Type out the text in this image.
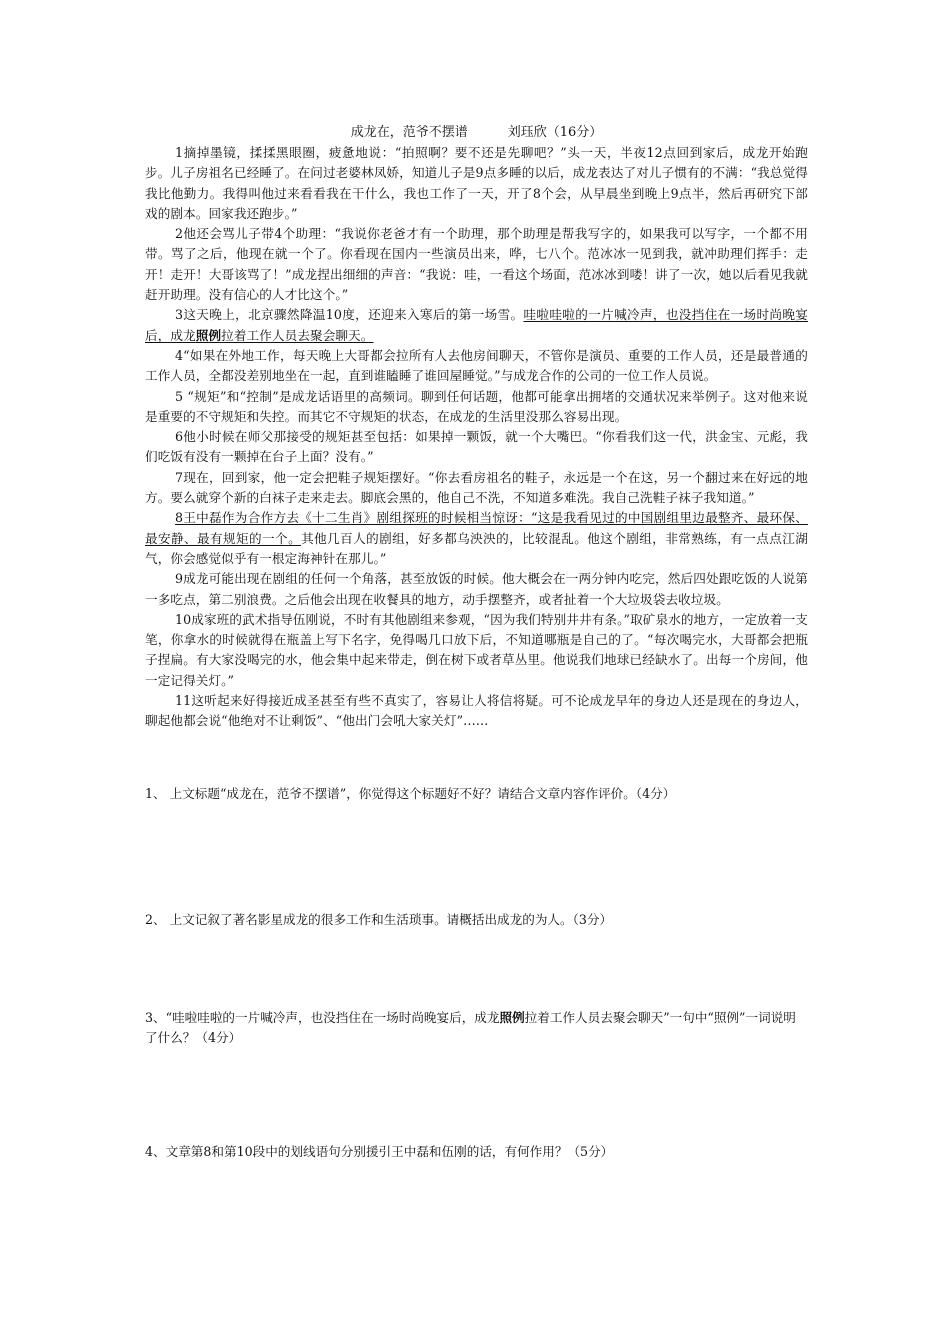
成龙在，范爷不摆谱	刘珏欣（16分）

1摘掉墨镜，揉揉黑眼圈，疲惫地说：“拍照啊？要不还是先聊吧？”头一天，半夜12点回到家后，成龙开始跑步。儿子房祖名已经睡了。在问过老婆林凤娇，知道儿子是9点多睡的以后，成龙表达了对儿子惯有的不满：“我总觉得我比他勤力。我得叫他过来看看我在干什么，我也工作了一天，开了8个会，从早晨坐到晚上9点半，然后再研究下部戏的剧本。回家我还跑步。”

2他还会骂儿子带4个助理：“我说你老爸才有一个助理，那个助理是帮我写字的，如果我可以写字，一个都不用带。骂了之后，他现在就一个了。你看现在国内一些演员出来，哗，七八个。范冰冰一见到我，就冲助理们挥手：走开！走开！大哥该骂了！”成龙捏出细细的声音：“我说：哇，一看这个场面，范冰冰到喽！讲了一次，她以后看见我就赶开助理。没有信心的人才比这个。”

3这天晚上，北京骤然降温10度，还迎来入寒后的第一场雪。哇啦哇啦的一片喊冷声，也没挡住在一场时尚晚宴后，成龙照例拉着工作人员去聚会聊天。

4“如果在外地工作，每天晚上大哥都会拉所有人去他房间聊天，不管你是演员、重要的工作人员，还是最普通的工作人员，全都没差别地坐在一起，直到谁瞌睡了谁回屋睡觉。”与成龙合作的公司的一位工作人员说。

5 “规矩”和“控制”是成龙话语里的高频词。聊到任何话题，他都可能拿出拥堵的交通状况来举例子。这对他来说是重要的不守规矩和失控。而其它不守规矩的状态，在成龙的生活里没那么容易出现。

6他小时候在师父那接受的规矩甚至包括：如果掉一颗饭，就一个大嘴巴。“你看我们这一代，洪金宝、元彪，我们吃饭有没有一颗掉在台子上面？没有。”

7现在，回到家，他一定会把鞋子规矩摆好。“你去看房祖名的鞋子，永远是一个在这，另一个翻过来在好远的地方。要么就穿个新的白袜子走来走去。脚底会黑的，他自己不洗，不知道多难洗。我自己洗鞋子袜子我知道。”

8王中磊作为合作方去《十二生肖》剧组探班的时候相当惊讶：“这是我看见过的中国剧组里边最整齐、最环保、最安静、最有规矩的一个。其他几百人的剧组，好多都乌泱泱的，比较混乱。他这个剧组，非常熟练，有一点点江湖气，你会感觉似乎有一根定海神针在那儿。”

9成龙可能出现在剧组的任何一个角落，甚至放饭的时候。他大概会在一两分钟内吃完，然后四处跟吃饭的人说第一多吃点，第二别浪费。之后他会出现在收餐具的地方，动手摆整齐，或者扯着一个大垃圾袋去收垃圾。

10成家班的武术指导伍刚说，不时有其他剧组来参观，“因为我们特别井井有条。”取矿泉水的地方，一定放着一支笔，你拿水的时候就得在瓶盖上写下名字，免得喝几口放下后，不知道哪瓶是自己的了。“每次喝完水，大哥都会把瓶子捏扁。有大家没喝完的水，他会集中起来带走，倒在树下或者草丛里。他说我们地球已经缺水了。出每一个房间，他一定记得关灯。”

11这听起来好得接近成圣甚至有些不真实了，容易让人将信将疑。可不论成龙早年的身边人还是现在的身边人，聊起他都会说“他绝对不让剩饭”、“他出门会吼大家关灯”……

1、 上文标题“成龙在，范爷不摆谱”，你觉得这个标题好不好？请结合文章内容作评价。（4分）
2、 上文记叙了著名影星成龙的很多工作和生活琐事。请概括出成龙的为人。（3分）
3、“哇啦哇啦的一片喊冷声，也没挡住在一场时尚晚宴后，成龙照例拉着工作人员去聚会聊天”一句中“照例”一词说明了什么？（4分）
4、文章第8和第10段中的划线语句分别援引王中磊和伍刚的话，有何作用？（5分）
